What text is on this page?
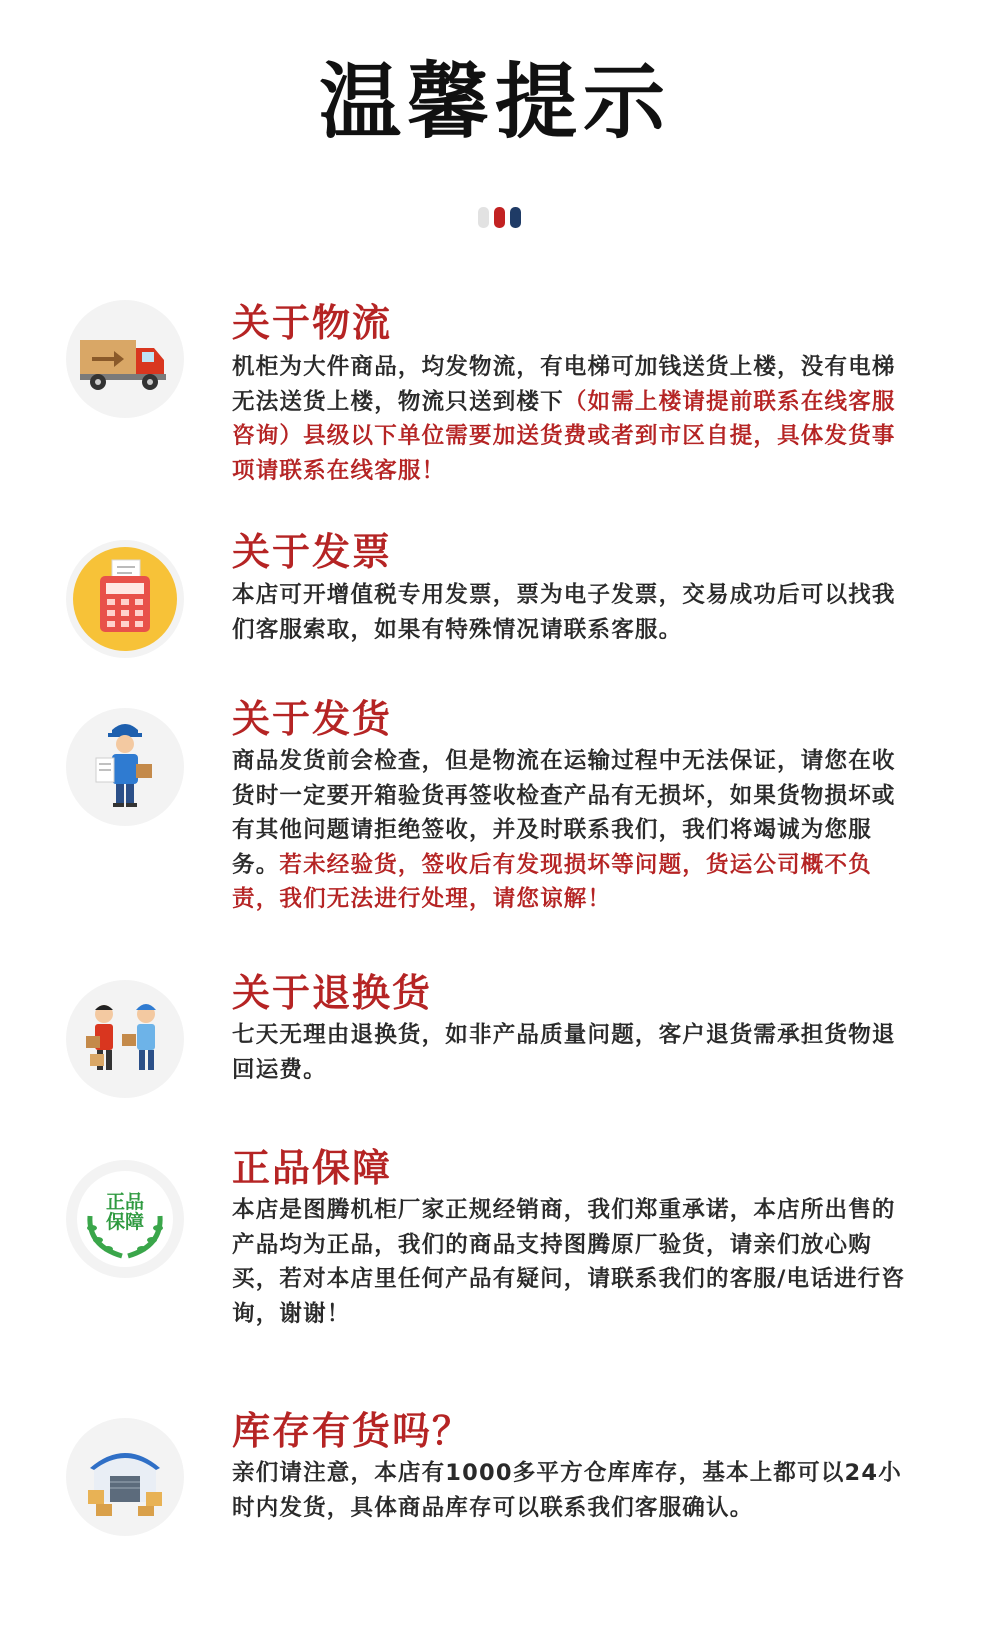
温馨提示
关于物流
机柜为大件商品，均发物流，有电梯可加钱送货上楼，没有电梯无法送货上楼，物流只送到楼下（如需上楼请提前联系在线客服咨询）县级以下单位需要加送货费或者到市区自提，具体发货事项请联系在线客服！
关于发票
本店可开增值税专用发票，票为电子发票，交易成功后可以找我们客服索取，如果有特殊情况请联系客服。
关于发货
商品发货前会检查，但是物流在运输过程中无法保证，请您在收货时一定要开箱验货再签收检查产品有无损坏，如果货物损坏或有其他问题请拒绝签收，并及时联系我们，我们将竭诚为您服务。若未经验货，签收后有发现损坏等问题，货运公司概不负责，我们无法进行处理，请您谅解！
关于退换货
七天无理由退换货，如非产品质量问题，客户退货需承担货物退回运费。
正品
保障
正品保障
本店是图腾机柜厂家正规经销商，我们郑重承诺，本店所出售的产品均为正品，我们的商品支持图腾原厂验货，请亲们放心购买，若对本店里任何产品有疑问，请联系我们的客服/电话进行咨询，谢谢！
库存有货吗？
亲们请注意，本店有1000多平方仓库库存，基本上都可以24小时内发货，具体商品库存可以联系我们客服确认。
